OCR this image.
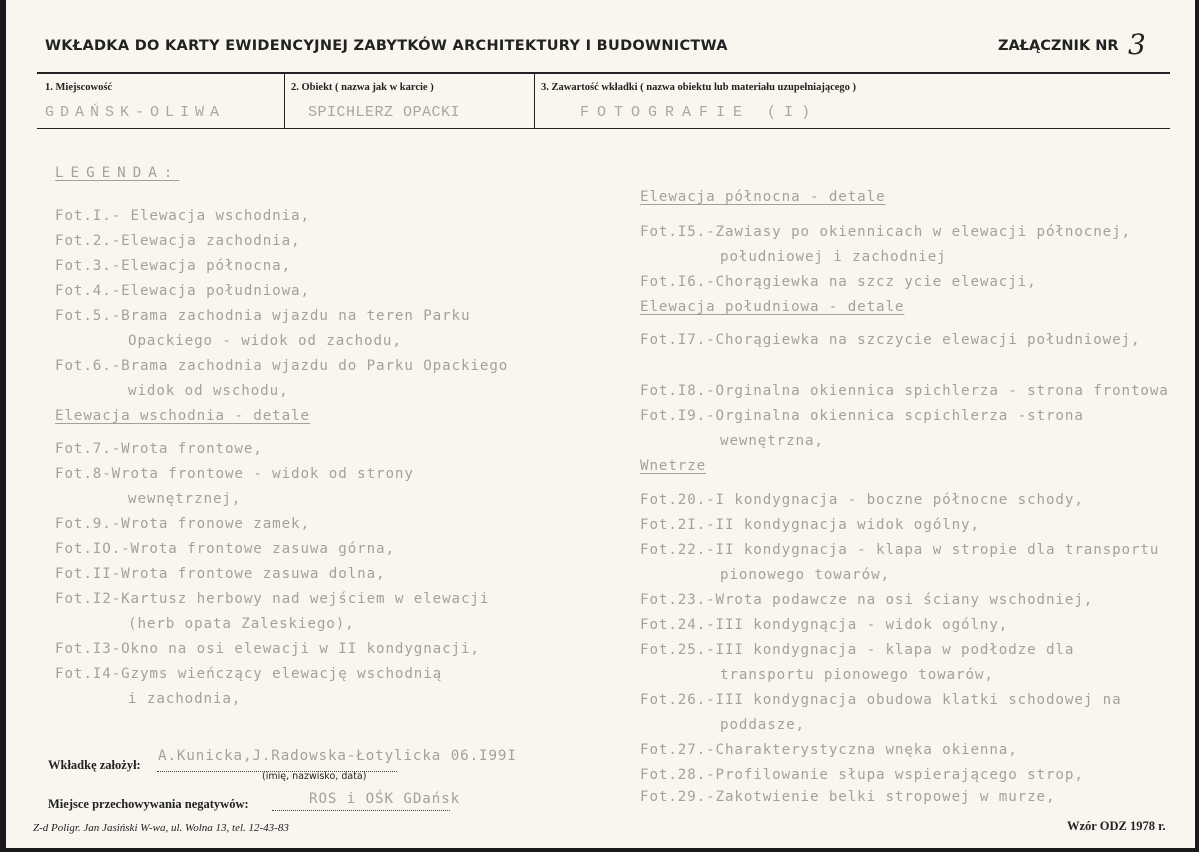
WKŁADKA DO KARTY EWIDENCYJNEJ ZABYTKÓW ARCHITEKTURY I BUDOWNICTWA	ZAŁĄCZNIK NR 3
1. Miejscowość	2. Obiekt ( nazwa jak w karcie )	3. Zawartość wkładki ( nazwa obiektu lub materiału uzupełniającego )
GDAŃSK-OLIWA	SPICHLERZ OPACKI	FOTOGRAFIE (I)
LEGENDA:
Fot.I.- Elewacja wschodnia,
Fot.2.-Elewacja zachodnia,
Fot.3.-Elewacja północna,
Fot.4.-Elewacja południowa,
Fot.5.-Brama zachodnia wjazdu na teren Parku
Opackiego - widok od zachodu,
Fot.6.-Brama zachodnia wjazdu do Parku Opackiego
widok od wschodu,
Elewacja wschodnia - detale
Fot.7.-Wrota frontowe,
Fot.8-Wrota frontowe - widok od strony
wewnętrznej,
Fot.9.-Wrota fronowe zamek,
Fot.IO.-Wrota frontowe zasuwa górna,
Fot.II-Wrota frontowe zasuwa dolna,
Fot.I2-Kartusz herbowy nad wejściem w elewacji
(herb opata Zaleskiego),
Fot.I3-Okno na osi elewacji w II kondygnacji,
Fot.I4-Gzyms wieńczący elewację wschodnią
i zachodnia,
Elewacja północna - detale
Fot.I5.-Zawiasy po okiennicach w elewacji północnej,
południowej i zachodniej
Fot.I6.-Chorągiewka na szcz ycie elewacji,
Elewacja południowa - detale
Fot.I7.-Chorągiewka na szczycie elewacji południowej,
Fot.I8.-Orginalna okiennica spichlerza - strona frontowa
Fot.I9.-Orginalna okiennica scpichlerza -strona
wewnętrzna,
Wnetrze
Fot.20.-I kondygnacja - boczne północne schody,
Fot.2I.-II kondygnacja widok ogólny,
Fot.22.-II kondygnacja - klapa w stropie dla transportu
pionowego towarów,
Fot.23.-Wrota podawcze na osi ściany wschodniej,
Fot.24.-III kondygnącja - widok ogólny,
Fot.25.-III kondygnacja - klapa w podłodze dla
transportu pionowego towarów,
Fot.26.-III kondygnacja obudowa klatki schodowej na
poddasze,
Fot.27.-Charakterystyczna wnęka okienna,
Fot.28.-Profilowanie słupa wspierającego strop,
Fot.29.-Zakotwienie belki stropowej w murze,
Wkładkę założył:
A.Kunicka,J.Radowska-Łotylicka 06.I99I
(imię, nazwisko, data)
Miejsce przechowywania negatywów:	ROS i OŚK GDańsk
Z-d Poligr. Jan Jasiński W-wa, ul. Wolna 13, tel. 12-43-83	Wzór ODZ 1978 r.
